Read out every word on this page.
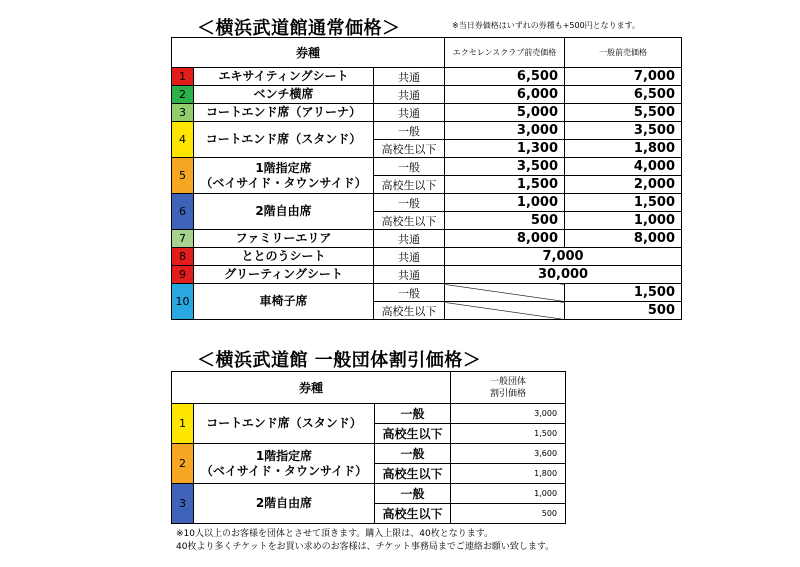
＜横浜武道館通常価格＞	※当日券価格はいずれの券種も+500円となります。
券種			エクセレンスクラブ前売価格	一般前売価格
1	エキサイティングシート	共通	6,500	7,000
2	ベンチ横席	共通	6,000	6,500
3	コートエンド席（アリーナ）	共通	5,000	5,500
4	コートエンド席（スタンド）	一般	3,000	3,500
		高校生以下	1,300	1,800
5	1階指定席
（ベイサイド・タウンサイド）	一般	3,500	4,000
		高校生以下	1,500	2,000
6	2階自由席	一般	1,000	1,500
		高校生以下	500	1,000
7	ファミリーエリア	共通	8,000	8,000
8	ととのうシート	共通	7,000	
9	グリーティングシート	共通	30,000	
10	車椅子席	一般		1,500
		高校生以下		500
＜横浜武道館 一般団体割引価格＞
券種			一般団体
割引価格

1	コートエンド席（スタンド）	一般	3,000
		高校生以下	1,500
2	1階指定席
（ベイサイド・タウンサイド）	一般	3,600
		高校生以下	1,800
3	2階自由席	一般	1,000
		高校生以下	500
※10人以上のお客様を団体とさせて頂きます。購入上限は、40枚となります。
40枚より多くチケットをお買い求めのお客様は、チケット事務局までご連絡お願い致します。
